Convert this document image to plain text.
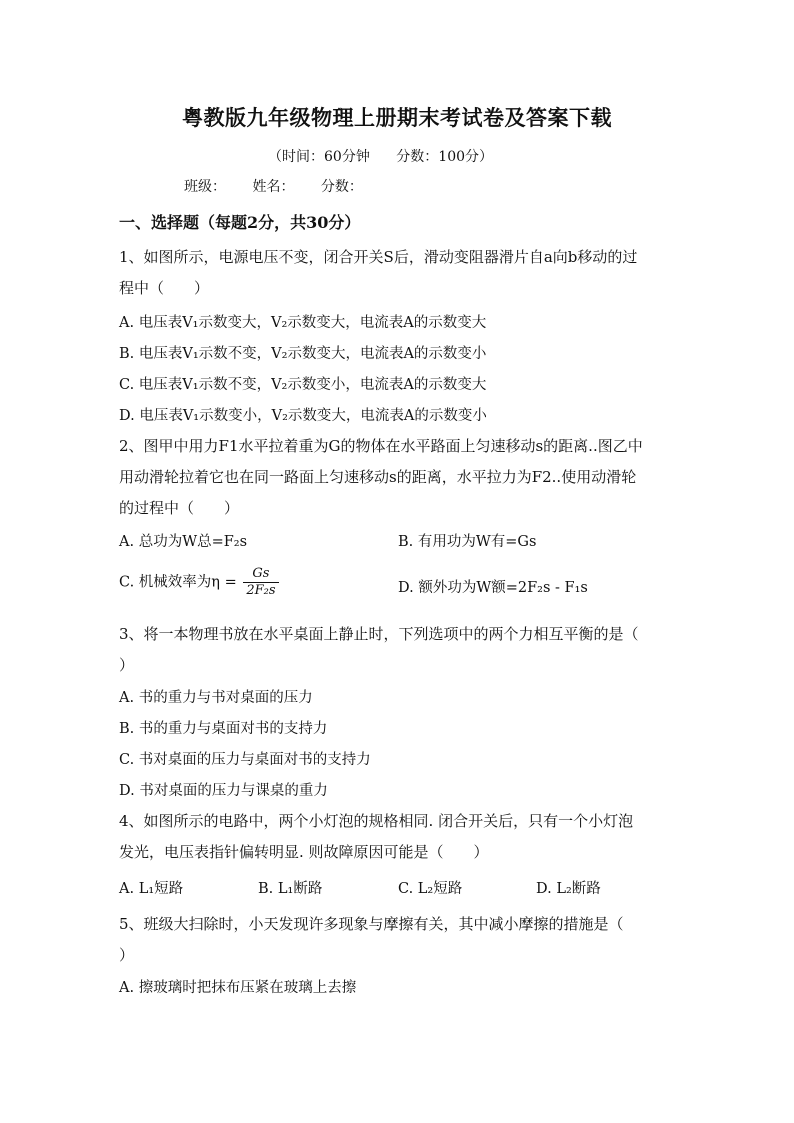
粤教版九年级物理上册期末考试卷及答案下载
（时间：60分钟 分数：100分）
班级： 姓名： 分数：
一、选择题（每题2分，共30分）
1、如图所示，电源电压不变，闭合开关S后，滑动变阻器滑片自a向b移动的过
程中（　　）
A. 电压表V₁示数变大，V₂示数变大，电流表A的示数变大
B. 电压表V₁示数不变，V₂示数变大，电流表A的示数变小
C. 电压表V₁示数不变，V₂示数变小，电流表A的示数变大
D. 电压表V₁示数变小，V₂示数变大，电流表A的示数变小
2、图甲中用力F1水平拉着重为G的物体在水平路面上匀速移动s的距离..图乙中
用动滑轮拉着它也在同一路面上匀速移动s的距离，水平拉力为F2..使用动滑轮
的过程中（　　）
A. 总功为W总=F₂s	B. 有用功为W有=Gs
C. 机械效率为$\eta = \frac{Gs}{\text{2F₂s}}$	D. 额外功为W额=2F₂s - F₁s
3、将一本物理书放在水平桌面上静止时，下列选项中的两个力相互平衡的是（
）
A. 书的重力与书对桌面的压力
B. 书的重力与桌面对书的支持力
C. 书对桌面的压力与桌面对书的支持力
D. 书对桌面的压力与课桌的重力
4、如图所示的电路中，两个小灯泡的规格相同. 闭合开关后，只有一个小灯泡
发光，电压表指针偏转明显. 则故障原因可能是（　　）
A. L₁短路	B. L₁断路	C. L₂短路	D. L₂断路
5、班级大扫除时，小天发现许多现象与摩擦有关，其中减小摩擦的措施是（
）
A. 擦玻璃时把抹布压紧在玻璃上去擦
